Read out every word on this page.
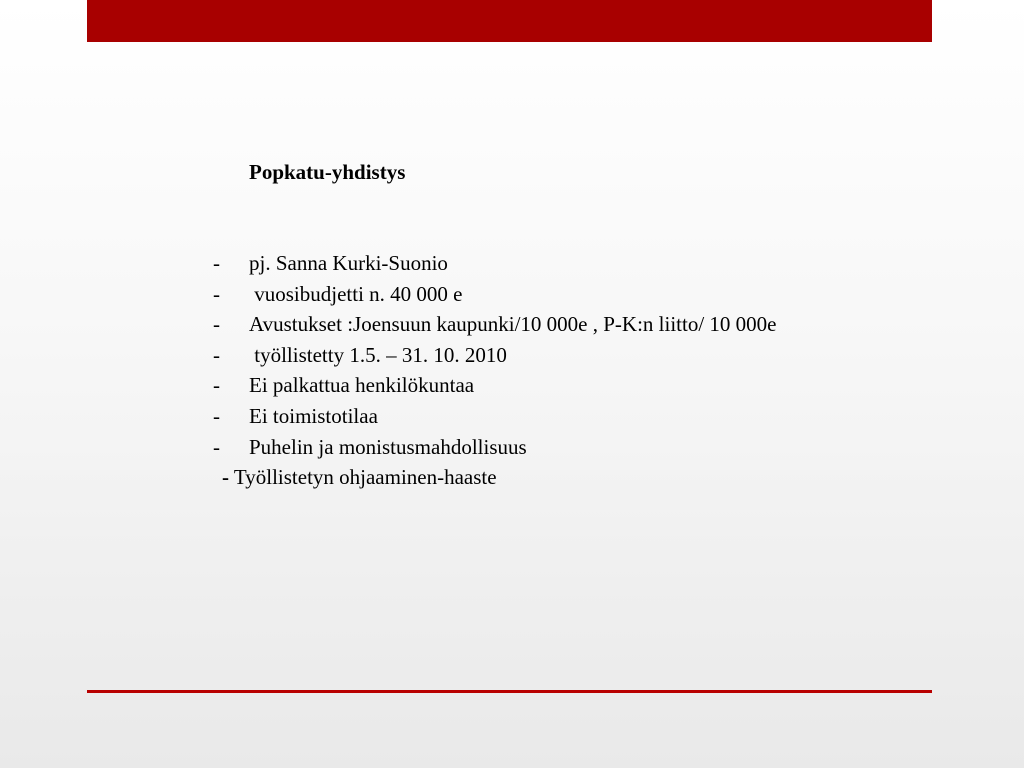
Popkatu-yhdistys
- pj. Sanna Kurki-Suonio
- vuosibudjetti n. 40 000 e
- Avustukset :Joensuun kaupunki/10 000e , P-K:n liitto/ 10 000e
- työllistetty 1.5. – 31. 10. 2010
- Ei palkattua henkilökuntaa
- Ei toimistotilaa
- Puhelin ja monistusmahdollisuus
- Työllistetyn ohjaaminen-haaste
